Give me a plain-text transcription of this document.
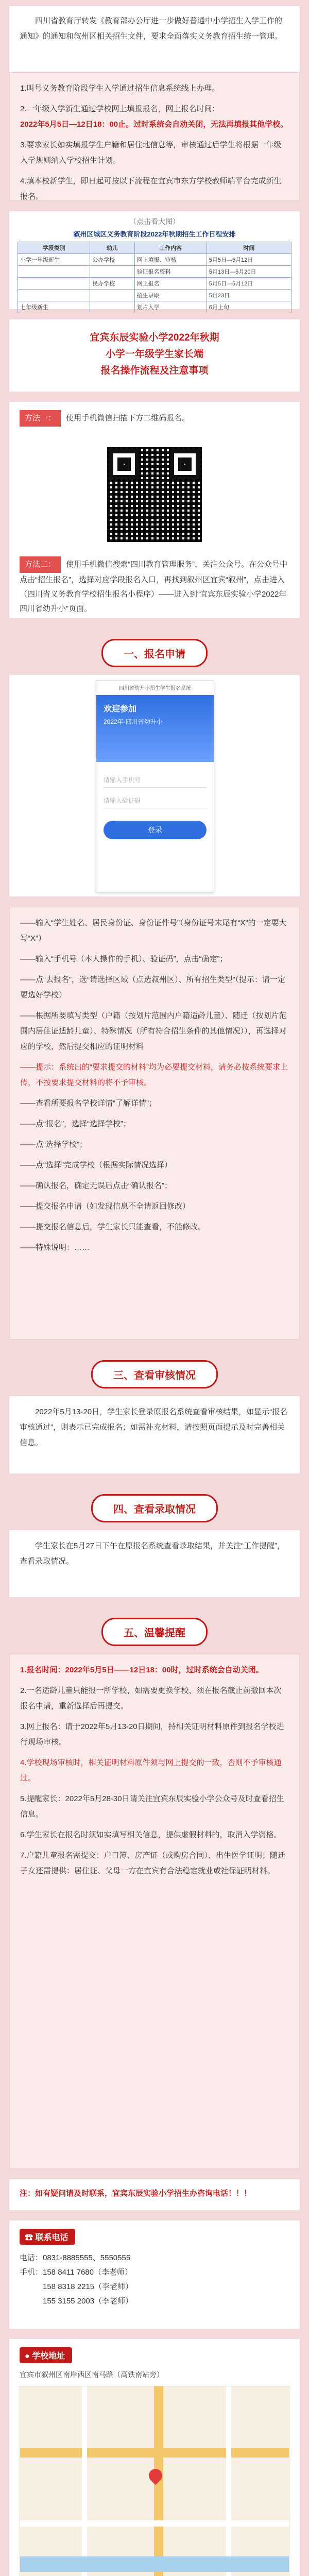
四川省教育厅转发《教育部办公厅进一步做好普通中小学招生入学工作的通知》的通知和叙州区相关招生文件，要求全面落实义务教育招生统一管理。

1.叫号义务教育阶段学生入学通过招生信息系统线上办理。

2.一年级入学新生通过学校网上填报报名，网上报名时间：

2022年5月5日—12日18：00止。过时系统会自动关闭，无法再填报其他学校。

3.要求家长如实填报学生户籍和居住地信息等，审核通过后学生将根据一年级入学规则纳入学校招生计划。

4.填本校新学生，即日起可按以下流程在宜宾市东方学校教师端平台完成新生报名。

（点击看大图）
叙州区城区义务教育阶段2022年秋期招生工作日程安排
学段类别	幼儿	工作内容	时间
小学一年级新生	公办学校	网上填报、审核	5月5日—5月12日
		验证报名资料	5月13日—5月20日
	民办学校	网上报名	5月5日—5月12日
		招生录取	5月23日
七年级新生		划片入学	6月上旬
宜宾东辰实验小学2022年秋期
小学一年级学生家长端
报名操作流程及注意事项
方法一： 使用手机微信扫描下方二维码报名。
方法二： 使用手机微信搜索“四川教育管理服务”，关注公众号。在公众号中点击“招生报名”，选择对应学段报名入口，再找到叙州区宜宾“叙州”，点击进入（四川省义务教育学校招生报名小程序）——进入到“宜宾东辰实验小学2022年四川省幼升小”页面。
一、报名申请
四川省幼升小招生学生报名系统
欢迎参加
2022年·四川省幼升小
请输入手机号
请输入验证码
登录

——输入“学生姓名、居民身份证、身份证件号”（身份证号末尾有“X”的一定要大写“X”）

——输入“手机号（本人操作的手机）、验证码”，点击“确定”；

——点“去报名”，选“请选择区域（点选叙州区）、所有招生类型”（提示：请一定要选好学校）

——根据所要填写类型（户籍（按划片范围内户籍适龄儿童）、随迁（按划片范围内居住证适龄儿童）、特殊情况（所有符合招生条件的其他情况）），再选择对应的学校，然后提交相应的证明材料

——提示：系统出的“要求提交的材料”均为必要提交材料，请务必按系统要求上传，不按要求提交材料的将不予审核。

——查看所要报名学校详情“了解详情”；

——点“报名”，选择“选择学校”；

——点“选择学校”；

——点“选择”完成学校（根据实际情况选择）

——确认报名，确定无误后点击“确认报名”；

——提交报名申请（如发现信息不全请返回修改）

——提交报名信息后，学生家长只能查看，不能修改。

——特殊说明：……

三、查看审核情况

2022年5月13-20日，学生家长登录原报名系统查看审核结果，如显示“报名审核通过”，则表示已完成报名；如需补充材料，请按照页面提示及时完善相关信息。

四、查看录取情况

学生家长在5月27日下午在原报名系统查看录取结果，并关注“工作提醒”，查看录取情况。

五、温馨提醒

1.报名时间：2022年5月5日——12日18：00时，过时系统会自动关闭。

2.一名适龄儿童只能报一所学校，如需要更换学校，须在报名截止前撤回本次报名申请，重新选择后再提交。

3.网上报名：请于2022年5月13-20日期间，持相关证明材料原件到报名学校进行现场审核。

4.学校现场审核时，相关证明材料原件须与网上提交的一致，否则不予审核通过。

5.提醒家长：2022年5月28-30日请关注宜宾东辰实验小学公众号及时查看招生信息。

6.学生家长在报名时须如实填写相关信息，提供虚假材料的，取消入学资格。

7.户籍儿童报名需提交：户口簿、房产证（或购房合同）、出生医学证明；随迁子女还需提供：居住证、父母一方在宜宾有合法稳定就业或社保证明材料。

注：如有疑问请及时联系，宜宾东辰实验小学招生办咨询电话！！！
☎ 联系电话
电话：0831-8885555、5550555
手机：158 8411 7680（李老师）
　　　158 8318 2215（李老师）
　　　155 3155 2003（李老师）
● 学校地址
宜宾市叙州区南岸西区南马路（高铁南站旁）
